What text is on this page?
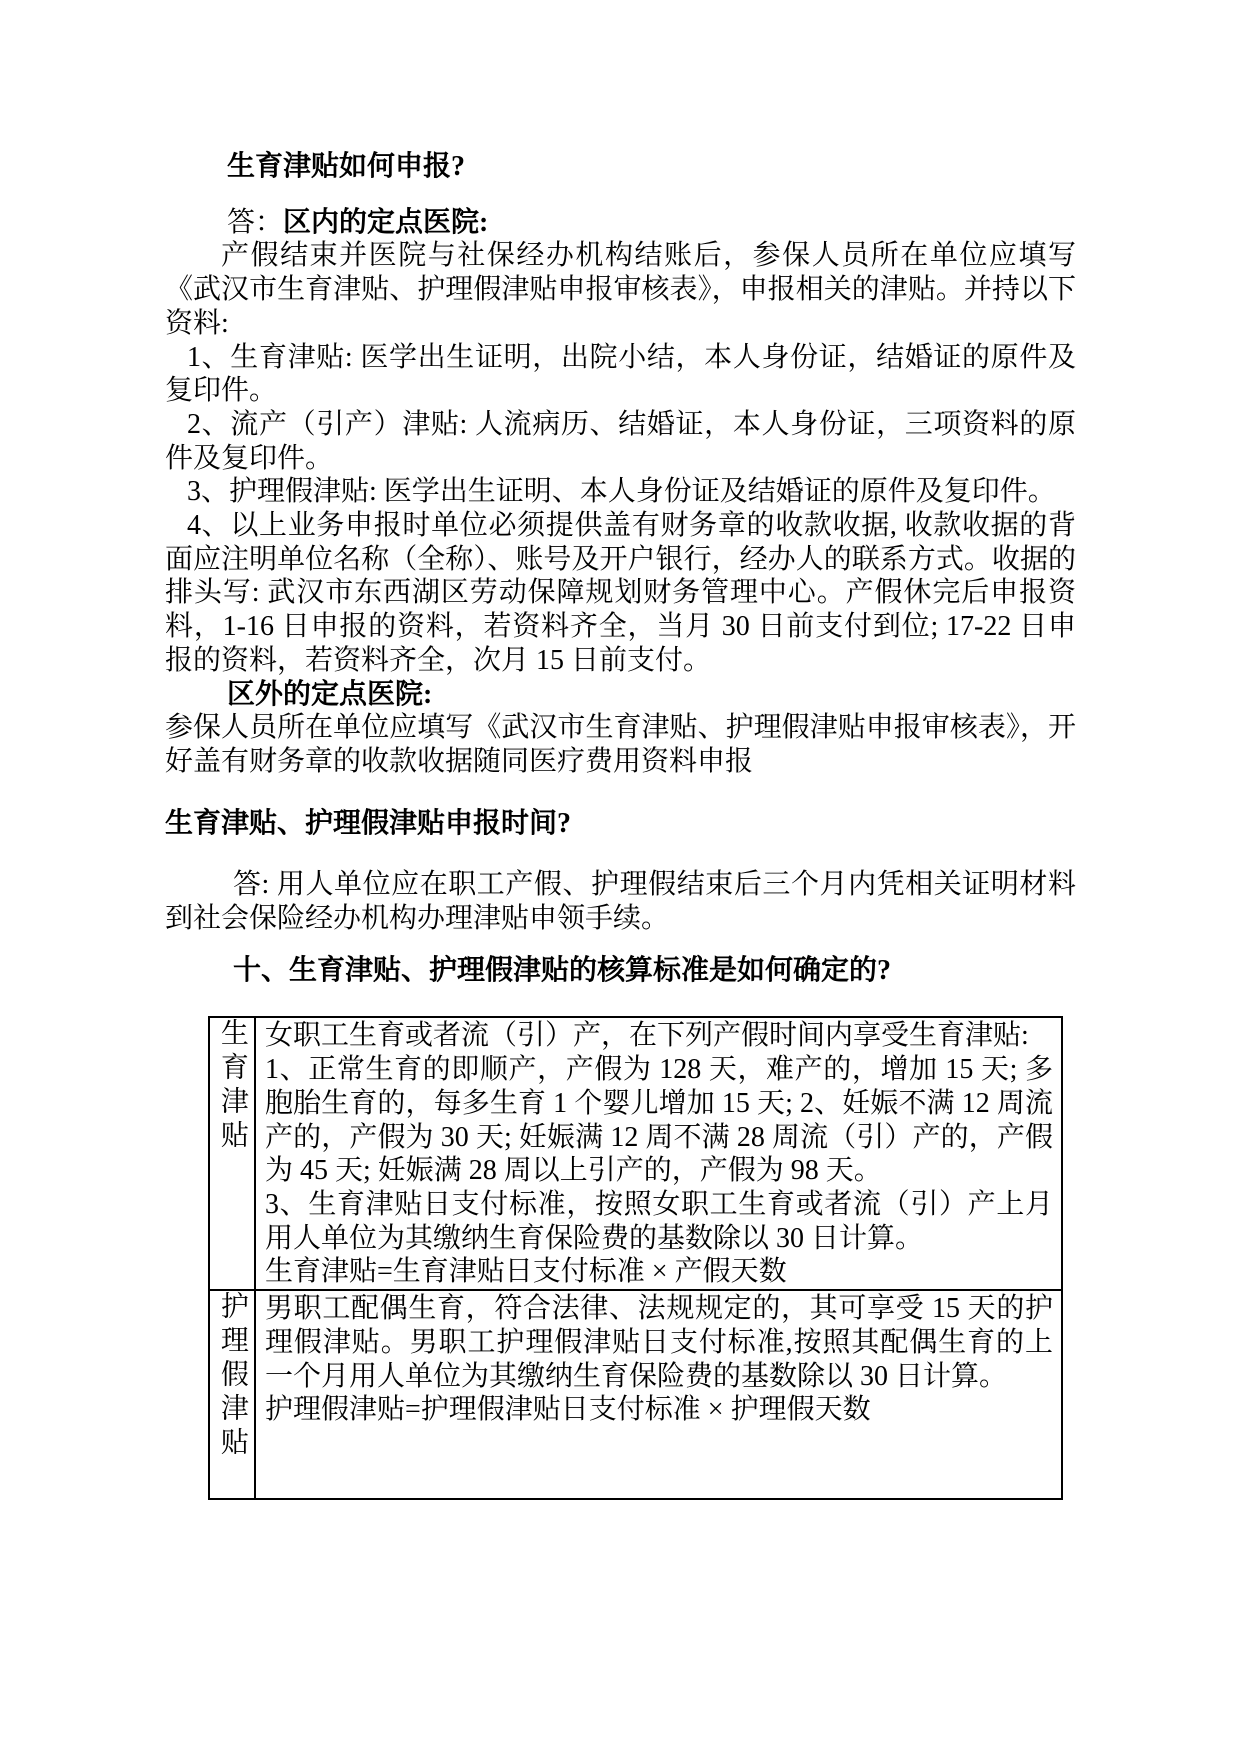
生育津贴如何申报?

答：区内的定点医院:

产假结束并医院与社保经办机构结账后，参保人员所在单位应填写《武汉市生育津贴、护理假津贴申报审核表》，申报相关的津贴。并持以下资料:

1、生育津贴: 医学出生证明，出院小结，本人身份证，结婚证的原件及复印件。

2、流产（引产）津贴: 人流病历、结婚证，本人身份证，三项资料的原件及复印件。

3、护理假津贴: 医学出生证明、本人身份证及结婚证的原件及复印件。

4、以上业务申报时单位必须提供盖有财务章的收款收据, 收款收据的背面应注明单位名称（全称）、账号及开户银行，经办人的联系方式。收据的排头写: 武汉市东西湖区劳动保障规划财务管理中心。产假休完后申报资料，1-16 日申报的资料，若资料齐全，当月 30 日前支付到位; 17-22 日申报的资料，若资料齐全，次月 15 日前支付。

区外的定点医院:

参保人员所在单位应填写《武汉市生育津贴、护理假津贴申报审核表》，开好盖有财务章的收款收据随同医疗费用资料申报

生育津贴、护理假津贴申报时间?

答: 用人单位应在职工产假、护理假结束后三个月内凭相关证明材料到社会保险经办机构办理津贴申领手续。

十、生育津贴、护理假津贴的核算标准是如何确定的?
生育津贴	女职工生育或者流（引）产，在下列产假时间内享受生育津贴:

1、正常生育的即顺产，产假为 128 天，难产的，增加 15 天; 多胞胎生育的，每多生育 1 个婴儿增加 15 天; 2、妊娠不满 12 周流产的，产假为 30 天; 妊娠满 12 周不满 28 周流（引）产的，产假为 45 天; 妊娠满 28 周以上引产的，产假为 98 天。

3、生育津贴日支付标准，按照女职工生育或者流（引）产上月用人单位为其缴纳生育保险费的基数除以 30 日计算。

生育津贴=生育津贴日支付标准 × 产假天数

护理假津贴	男职工配偶生育，符合法律、法规规定的，其可享受 15 天的护理假津贴。男职工护理假津贴日支付标准,按照其配偶生育的上一个月用人单位为其缴纳生育保险费的基数除以 30 日计算。

护理假津贴=护理假津贴日支付标准 × 护理假天数
